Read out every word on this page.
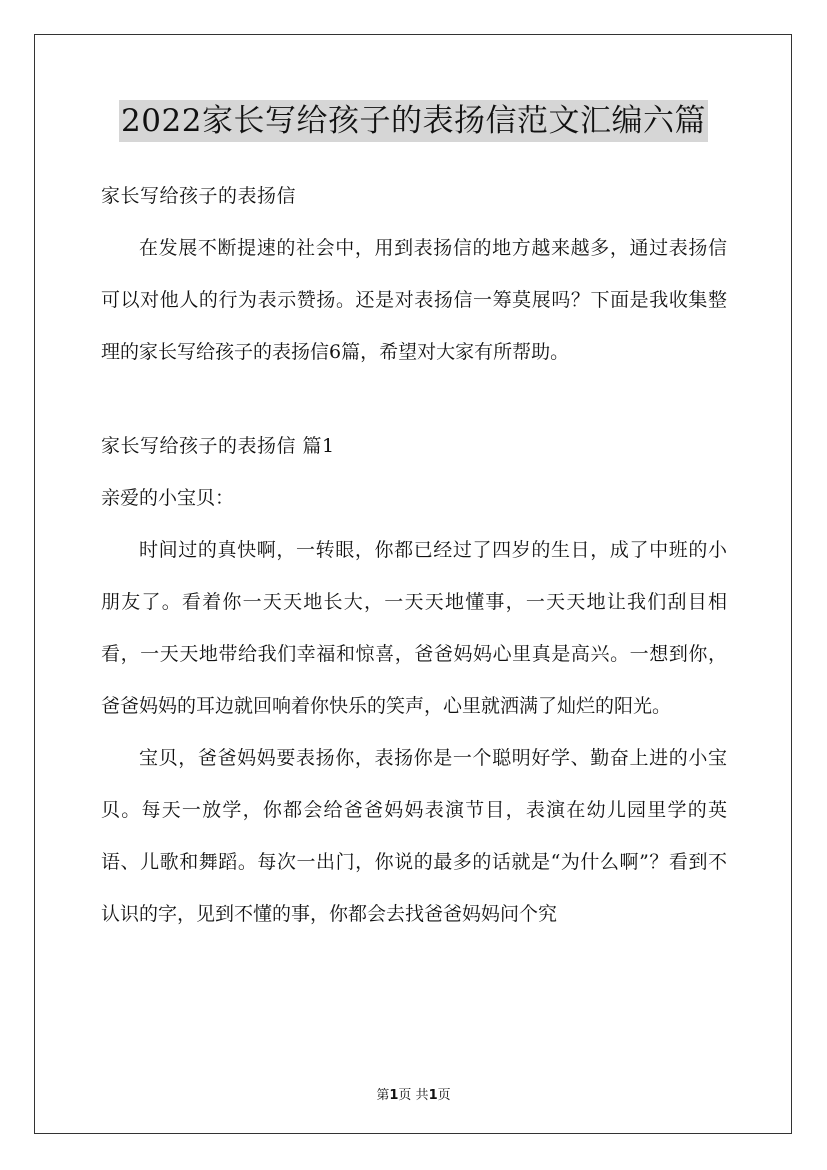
2022家长写给孩子的表扬信范文汇编六篇

家长写给孩子的表扬信

在发展不断提速的社会中，用到表扬信的地方越来越多，通过表扬信可以对他人的行为表示赞扬。还是对表扬信一筹莫展吗？下面是我收集整理的家长写给孩子的表扬信6篇，希望对大家有所帮助。

家长写给孩子的表扬信 篇1

亲爱的小宝贝：

时间过的真快啊，一转眼，你都已经过了四岁的生日，成了中班的小朋友了。看着你一天天地长大，一天天地懂事，一天天地让我们刮目相看，一天天地带给我们幸福和惊喜，爸爸妈妈心里真是高兴。一想到你，爸爸妈妈的耳边就回响着你快乐的笑声，心里就洒满了灿烂的阳光。

宝贝，爸爸妈妈要表扬你，表扬你是一个聪明好学、勤奋上进的小宝贝。每天一放学，你都会给爸爸妈妈表演节目，表演在幼儿园里学的英语、儿歌和舞蹈。每次一出门，你说的最多的话就是“为什么啊”？看到不认识的字，见到不懂的事，你都会去找爸爸妈妈问个究

第1页 共1页
